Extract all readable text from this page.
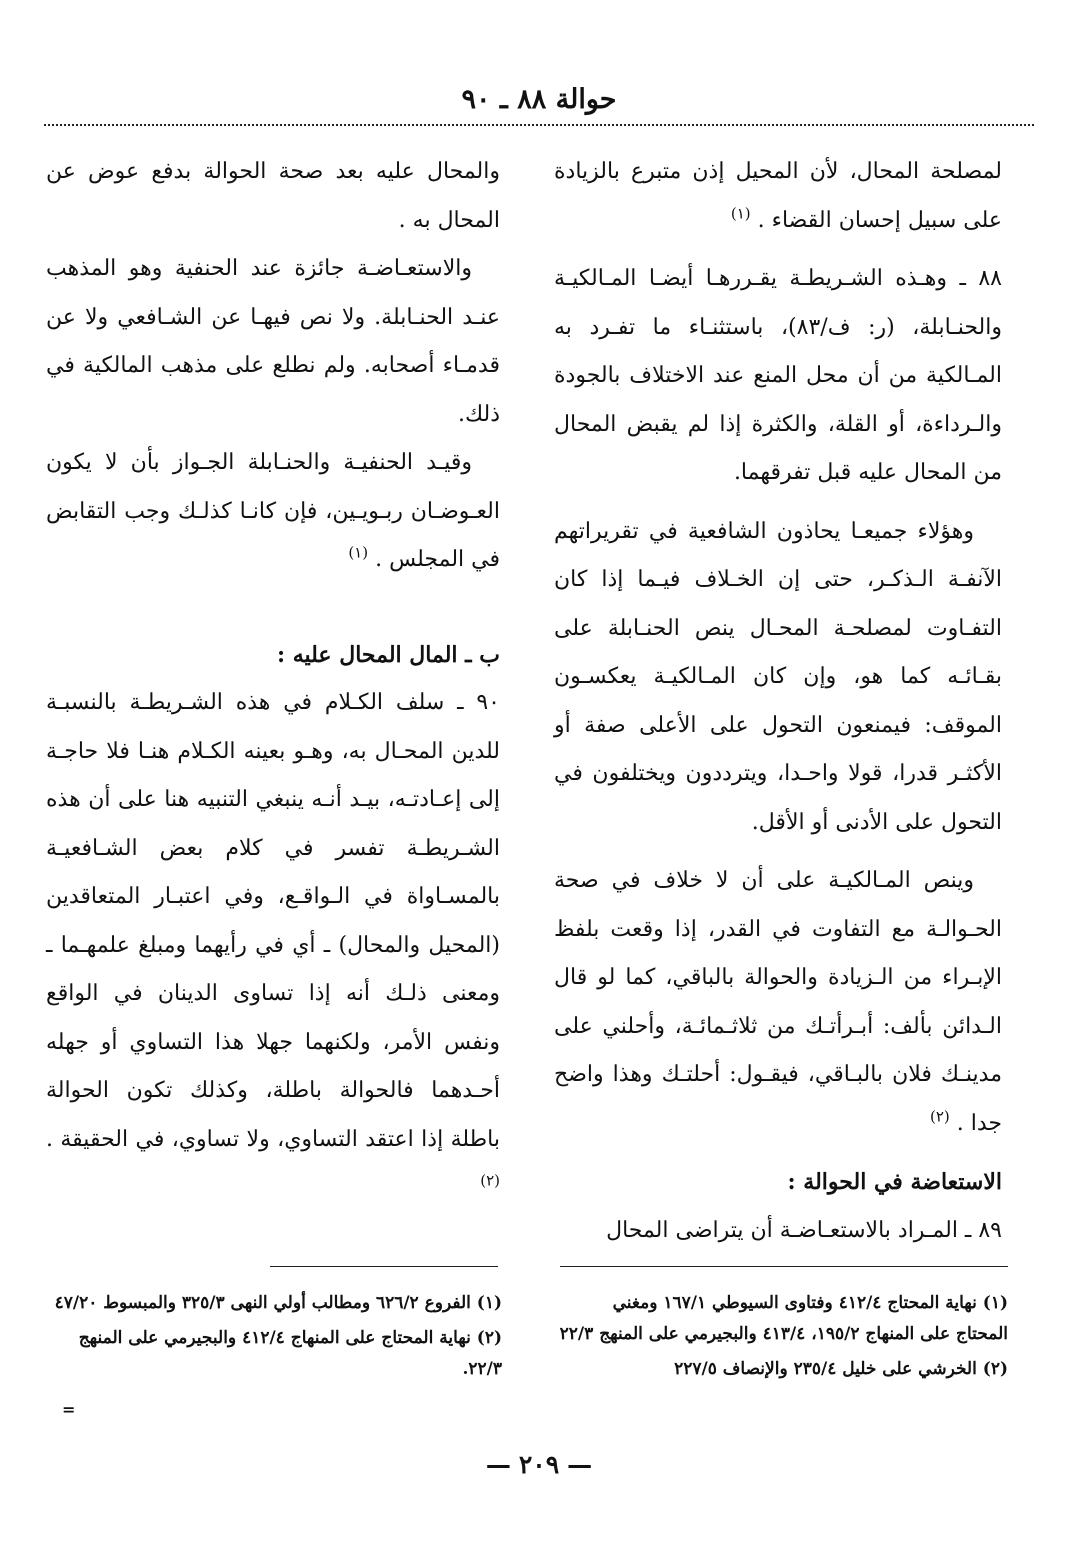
حوالة ٨٨ ـ ٩٠

لمصلحة المحال، لأن المحيل إذن متبرع بالزيادة على سبيل إحسان القضاء . $^{(١)}$

٨٨ ـ وهـذه الشـريطـة يقـررهـا أيضـا المـالكيـة والحنـابلة، (ر: ف/٨٣)، باستثنـاء ما تفـرد به المـالكية من أن محل المنع عند الاختلاف بالجودة والـرداءة، أو القلة، والكثرة إذا لم يقبض المحال من المحال عليه قبل تفرقهما.

وهؤلاء جميعـا يحاذون الشافعية في تقريراتهم الآنفـة الـذكـر، حتى إن الخـلاف فيـما إذا كان التفـاوت لمصلحـة المحـال ينص الحنـابلة على بقـائـه كما هو، وإن كان المـالكيـة يعكسـون الموقف: فيمنعون التحول على الأعلى صفة أو الأكثـر قدرا، قولا واحـدا، ويترددون ويختلفون في التحول على الأدنى أو الأقل.

وينص المـالكيـة على أن لا خلاف في صحة الحـوالـة مع التفاوت في القدر، إذا وقعت بلفظ الإبـراء من الـزيادة والحوالة بالباقي، كما لو قال الـدائن بألف: أبـرأتـك من ثلاثـمائـة، وأحلني على مدينـك فلان بالبـاقي، فيقـول: أحلتـك وهذا واضح جدا . $^{(٢)}$

الاستعاضة في الحوالة :

٨٩ ـ المـراد بالاستعـاضـة أن يتراضى المحال

والمحال عليه بعد صحة الحوالة بدفع عوض عن المحال به .

والاستعـاضـة جائزة عند الحنفية وهو المذهب عنـد الحنـابلة. ولا نص فيهـا عن الشـافعي ولا عن قدمـاء أصحابه. ولم نطلع على مذهب المالكية في ذلك.

وقيـد الحنفيـة والحنـابلة الجـواز بأن لا يكون العـوضـان ربـويـين، فإن كانـا كذلـك وجب التقابض في المجلس . $^{(١)}$

ب ـ المال المحال عليه :

٩٠ ـ سلف الكـلام في هذه الشـريطـة بالنسبـة للدين المحـال به، وهـو بعينه الكـلام هنـا فلا حاجـة إلى إعـادتـه، بيـد أنـه ينبغي التنبيه هنا على أن هذه الشـريطـة تفسر في كلام بعض الشـافعيـة بالمسـاواة في الـواقـع، وفي اعتبـار المتعاقدين (المحيل والمحال) ـ أي في رأيهما ومبلغ علمهـما ـ ومعنى ذلـك أنه إذا تساوى الدينان في الواقع ونفس الأمر، ولكنهما جهلا هذا التساوي أو جهله أحـدهما فالحوالة باطلة، وكذلك تكون الحوالة باطلة إذا اعتقد التساوي، ولا تساوي، في الحقيقة . $^{(٢)}$

(١) نهاية المحتاج ٤١٢/٤ وفتاوى السيوطي ١٦٧/١ ومغني المحتاج على المنهاج ١٩٥/٢، ٤١٣/٤ والبجيرمي على المنهج ٢٢/٣

(٢) الخرشي على خليل ٢٣٥/٤ والإنصاف ٢٢٧/٥

(١) الفروع ٦٢٦/٢ ومطالب أولي النهى ٣٢٥/٣ والمبسوط ٤٧/٢٠

(٢) نهاية المحتاج على المنهاج ٤١٢/٤ والبجيرمي على المنهج ٢٢/٣.

=
—٢٠٩—
